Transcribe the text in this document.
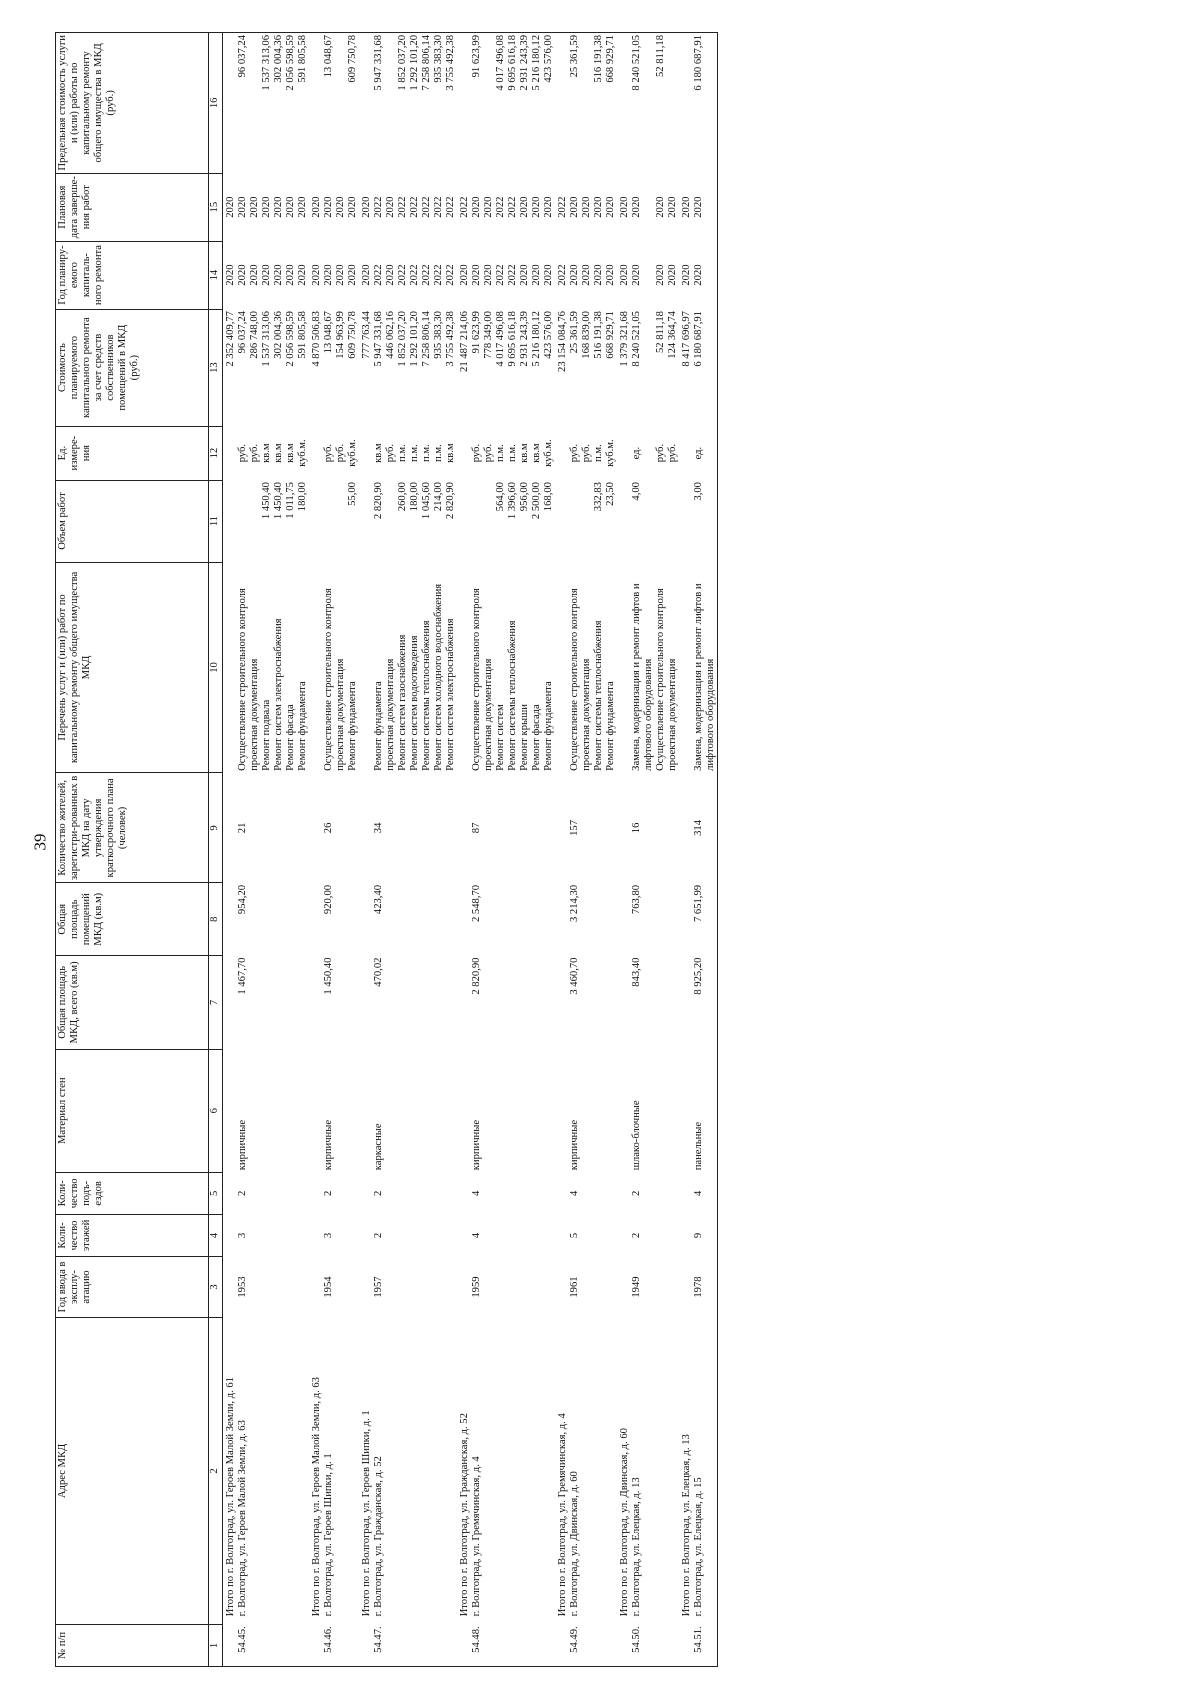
39
№ п/п	Адрес МКД	Год ввода в эксплу-атацию	Коли-чество этажей	Коли-чество подъ-ездов	Материал стен	Общая площадь МКД, всего (кв.м)	Общая площадь помещений МКД (кв.м)	Количество жителей, зарегистри-рованных в МКД на дату утверждения краткосрочного плана (человек)	Перечень услуг и (или) работ по капитальному ремонту общего имущества МКД	Объем работ	Ед. измере-ния	Стоимость планируемого капитального ремонта за счет средств собственников помещений в МКД (руб.)	Год планиру-емого капиталь-ного ремонта	Плановая дата заверше-ния работ	Предельная стоимость услуги и (или) работы по капитальному ремонту общего имущества в МКД (руб.)
1	2	3	4	5	6	7	8	9	10	11	12	13	14	15	16
	Итого по г. Волгоград, ул. Героев Малой Земли, д. 61											2 352 409,77	2020	2020	
54.45.	г. Волгоград, ул. Героев Малой Земли, д. 63	1953	3	2	кирпичные	1 467,70	954,20	21	Осуществление строительного контроля		руб.	96 037,24	2020	2020	96 037,24
									проектная документация		руб.	286 748,00	2020	2020	
									Ремонт подвала	1 450,40	кв.м	1 537 313,06	2020	2020	1 537 313,06
									Ремонт систем электроснабжения	1 450,40	кв.м	302 004,36	2020	2020	302 004,36
									Ремонт фасада	1 011,75	кв.м	2 056 598,59	2020	2020	2 056 598,59
									Ремонт фундамента	180,00	куб.м.	591 805,58	2020	2020	591 805,58
	Итого по г. Волгоград, ул. Героев Малой Земли, д. 63											4 870 506,83	2020	2020	
54.46.	г. Волгоград, ул. Героев Шипки, д. 1	1954	3	2	кирпичные	1 450,40	920,00	26	Осуществление строительного контроля		руб.	13 048,67	2020	2020	13 048,67
									проектная документация		руб.	154 963,99	2020	2020	
									Ремонт фундамента	55,00	куб.м.	609 750,78	2020	2020	609 750,78
	Итого по г. Волгоград, ул. Героев Шипки, д. 1											777 763,44	2020	2020	
54.47.	г. Волгоград, ул. Гражданская, д. 52	1957	2	2	каркасные	470,02	423,40	34	Ремонт фундамента	2 820,90	кв.м	5 947 331,68	2022	2022	5 947 331,68
									проектная документация		руб.	446 062,16	2020	2020	
									Ремонт систем газоснабжения	260,00	п.м.	1 852 037,20	2022	2022	1 852 037,20
									Ремонт систем водоотведения	180,00	п.м.	1 292 101,20	2022	2022	1 292 101,20
									Ремонт системы теплоснабжения	1 045,60	п.м.	7 258 806,14	2022	2022	7 258 806,14
									Ремонт систем холодного водоснабжения	214,00	п.м.	935 383,30	2022	2022	935 383,30
									Ремонт систем электроснабжения	2 820,90	кв.м	3 755 492,38	2022	2022	3 755 492,38
	Итого по г. Волгоград, ул. Гражданская, д. 52											21 487 214,06	2020	2022	
54.48.	г. Волгоград, ул. Гремячинская, д. 4	1959	4	4	кирпичные	2 820,90	2 548,70	87	Осуществление строительного контроля		руб.	91 623,99	2020	2020	91 623,99
									проектная документация		руб.	778 349,00	2020	2020	
									Ремонт систем	564,00	п.м.	4 017 496,08	2022	2022	4 017 496,08
									Ремонт системы теплоснабжения	1 396,60	п.м.	9 695 616,18	2022	2022	9 695 616,18
									Ремонт крыши	956,00	кв.м	2 931 243,39	2020	2020	2 931 243,39
									Ремонт фасада	2 500,00	кв.м	5 216 180,12	2020	2020	5 216 180,12
									Ремонт фундамента	168,00	куб.м.	423 576,00	2020	2020	423 576,00
	Итого по г. Волгоград, ул. Гремячинская, д. 4											23 154 084,76	2022	2022	
54.49.	г. Волгоград, ул. Двинская, д. 60	1961	5	4	кирпичные	3 460,70	3 214,30	157	Осуществление строительного контроля		руб.	25 361,59	2020	2020	25 361,59
									проектная документация		руб.	168 839,00	2020	2020	
									Ремонт системы теплоснабжения	332,83	п.м.	516 191,38	2020	2020	516 191,38
									Ремонт фундамента	23,50	куб.м.	668 929,71	2020	2020	668 929,71
	Итого по г. Волгоград, ул. Двинская, д. 60											1 379 321,68	2020	2020	
54.50.	г. Волгоград, ул. Елецкая, д. 13	1949	2	2	шлако-блочные	843,40	763,80	16	Замена, модернизация и ремонт лифтов и лифтового оборудования	4,00	ед.	8 240 521,05	2020	2020	8 240 521,05
									Осуществление строительного контроля		руб.	52 811,18	2020	2020	52 811,18
									проектная документация		руб.	124 364,74	2020	2020	
	Итого по г. Волгоград, ул. Елецкая, д. 13											8 417 696,97	2020	2020	
54.51.	г. Волгоград, ул. Елецкая, д. 15	1978	9	4	панельные	8 925,20	7 651,99	314	Замена, модернизация и ремонт лифтов и лифтового оборудования	3,00	ед.	6 180 687,91	2020	2020	6 180 687,91
